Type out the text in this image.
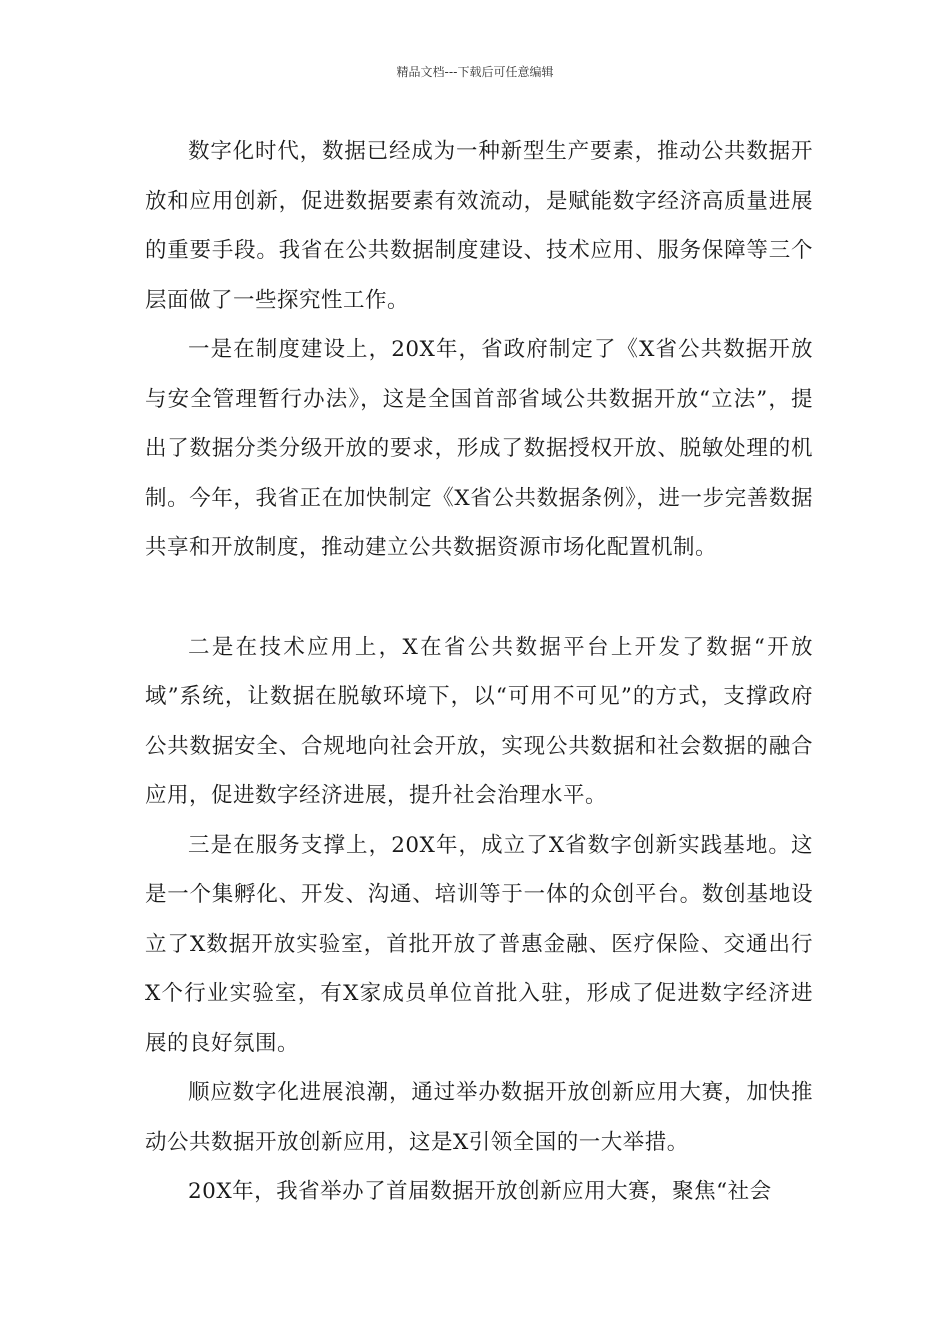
精品文档---下载后可任意编辑

数字化时代，数据已经成为一种新型生产要素，推动公共数据开放和应用创新，促进数据要素有效流动，是赋能数字经济高质量进展的重要手段。我省在公共数据制度建设、技术应用、服务保障等三个层面做了一些探究性工作。

一是在制度建设上，20X年，省政府制定了《X省公共数据开放与安全管理暂行办法》，这是全国首部省域公共数据开放“立法”，提出了数据分类分级开放的要求，形成了数据授权开放、脱敏处理的机制。今年，我省正在加快制定《X省公共数据条例》，进一步完善数据共享和开放制度，推动建立公共数据资源市场化配置机制。

二是在技术应用上，X在省公共数据平台上开发了数据“开放域”系统，让数据在脱敏环境下，以“可用不可见”的方式，支撑政府公共数据安全、合规地向社会开放，实现公共数据和社会数据的融合应用，促进数字经济进展，提升社会治理水平。

三是在服务支撑上，20X年，成立了X省数字创新实践基地。这是一个集孵化、开发、沟通、培训等于一体的众创平台。数创基地设立了X数据开放实验室，首批开放了普惠金融、医疗保险、交通出行X个行业实验室，有X家成员单位首批入驻，形成了促进数字经济进展的良好氛围。

顺应数字化进展浪潮，通过举办数据开放创新应用大赛，加快推动公共数据开放创新应用，这是X引领全国的一大举措。

20X年，我省举办了首届数据开放创新应用大赛，聚焦“社会
